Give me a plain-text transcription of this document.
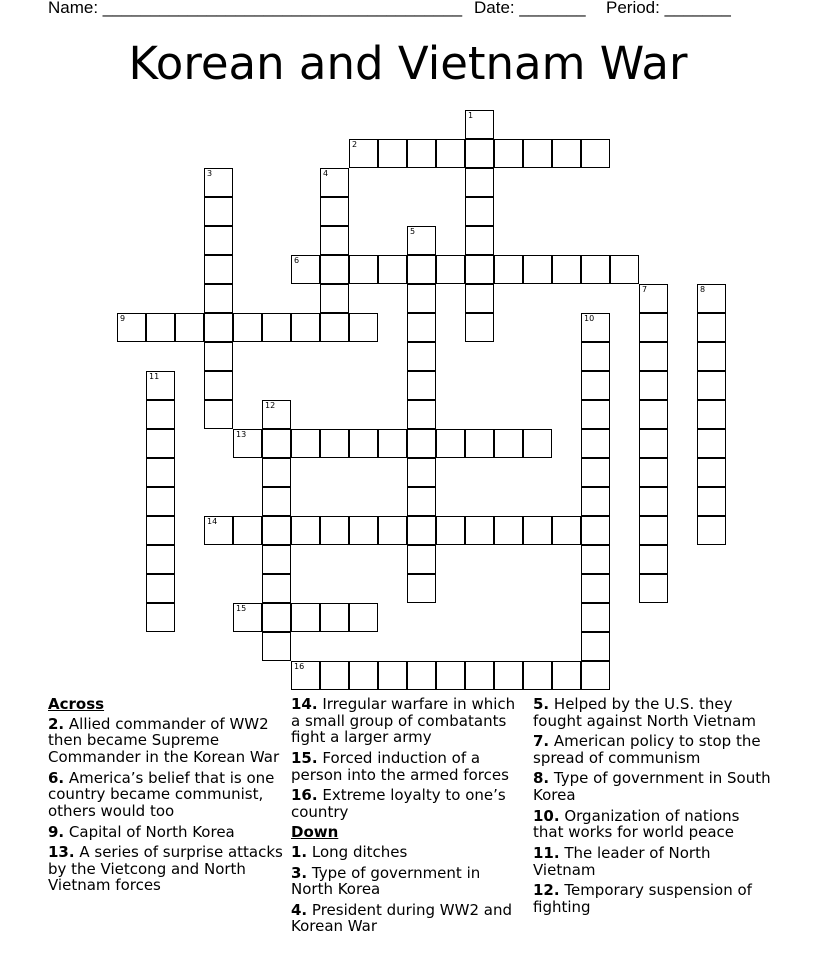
Name: ______________________________________ Date: _______ Period: _______
Korean and Vietnam War
1
2
3	4
5
6
7	8
9	10
11
12
13
14
15
16
Across
2. Allied commander of WW2 then became Supreme Commander in the Korean War
6. America’s belief that is one country became communist, others would too
9. Capital of North Korea
13. A series of surprise attacks by the Vietcong and North Vietnam forces
14. Irregular warfare in which a small group of combatants fight a larger army
15. Forced induction of a person into the armed forces
16. Extreme loyalty to one’s country
Down
1. Long ditches
3. Type of government in North Korea
4. President during WW2 and Korean War
5. Helped by the U.S. they fought against North Vietnam
7. American policy to stop the spread of communism
8. Type of government in South Korea
10. Organization of nations that works for world peace
11. The leader of North Vietnam
12. Temporary suspension of fighting
